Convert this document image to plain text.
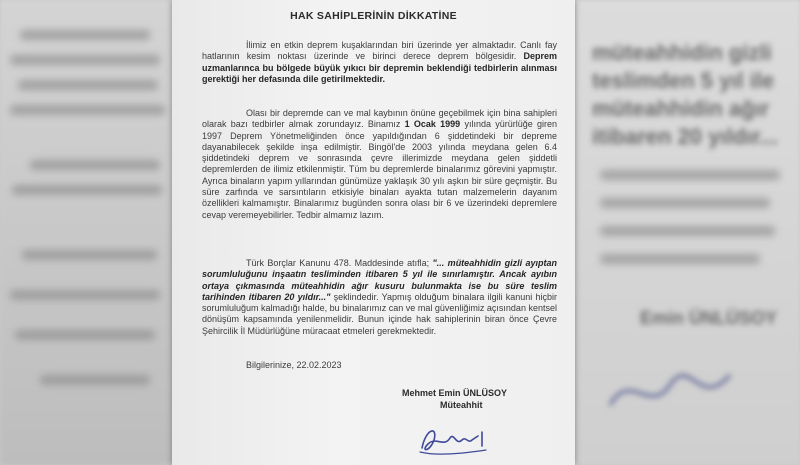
müteahhidin gizli
teslimden 5 yıl ile
müteahhidin ağır
itibaren 20 yıldır...
Emin ÜNLÜSOY
HAK SAHİPLERİNİN DİKKATİNE
İlimiz en etkin deprem kuşaklarından biri üzerinde yer almaktadır. Canlı fay hatlarının kesim noktası üzerinde ve birinci derece deprem bölgesidir. Deprem uzmanlarınca bu bölgede büyük yıkıcı bir depremin beklendiği tedbirlerin alınması gerektiği her defasında dile getirilmektedir.
Olası bir depremde can ve mal kaybının önüne geçebilmek için bina sahipleri olarak bazı tedbirler almak zorundayız. Binamız 1 Ocak 1999 yılında yürürlüğe giren 1997 Deprem Yönetmeliğinden önce yapıldığından 6 şiddetindeki bir depreme dayanabilecek şekilde inşa edilmiştir. Bingöl'de 2003 yılında meydana gelen 6.4 şiddetindeki deprem ve sonrasında çevre illerimizde meydana gelen şiddetli depremlerden de ilimiz etkilenmiştir. Tüm bu depremlerde binalarımız görevini yapmıştır. Ayrıca binaların yapım yıllarından günümüze yaklaşık 30 yılı aşkın bir süre geçmiştir. Bu süre zarfında ve sarsıntıların etkisiyle binaları ayakta tutan malzemelerin dayanım özellikleri kalmamıştır. Binalarımız bugünden sonra olası bir 6 ve üzerindeki depremlere cevap veremeyebilirler. Tedbir almamız lazım.
Türk Borçlar Kanunu 478. Maddesinde atıfla; "... müteahhidin gizli ayıptan sorumluluğunu inşaatın tesliminden itibaren 5 yıl ile sınırlamıştır. Ancak ayıbın ortaya çıkmasında müteahhidin ağır kusuru bulunmakta ise bu süre teslim tarihinden itibaren 20 yıldır..." şeklindedir. Yapmış olduğum binalara ilgili kanuni hiçbir sorumluluğum kalmadığı halde, bu binalarımız can ve mal güvenliğimiz açısından kentsel dönüşüm kapsamında yenilenmelidir. Bunun içinde hak sahiplerinin biran önce Çevre Şehircilik İl Müdürlüğüne müracaat etmeleri gerekmektedir.
Bilgilerinize, 22.02.2023
Mehmet Emin ÜNLÜSOY
Müteahhit
